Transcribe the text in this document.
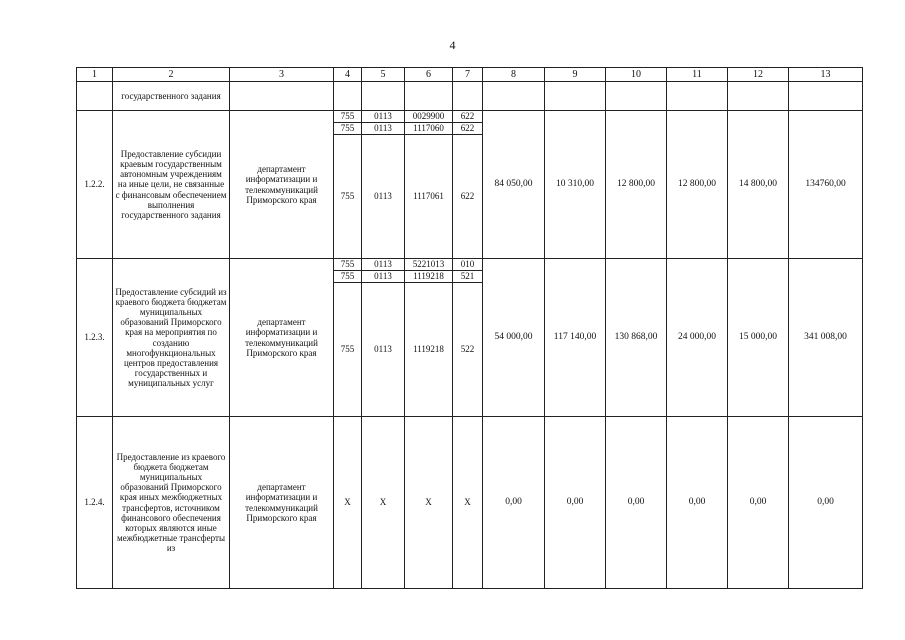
4
1	2	3	4	5	6	7	8	9	10	11	12	13
	государственного задания											
1.2.2.	Предоставление субсидии краевым государственным автономным учреждениям на иные цели, не связанные с финансовым обеспечением выполнения государственного задания	департамент информатизации и телекоммуникаций Приморского края	755	0113	0029900	622	84 050,00	10 310,00	12 800,00	12 800,00	14 800,00	134760,00
			755	0113	1117060	622						
			755	0113	1117061	622						
1.2.3.	Предоставление субсидий из краевого бюджета бюджетам муниципальных образований Приморского края на мероприятия по созданию многофункциональных центров предоставления государственных и муниципальных услуг	департамент информатизации и телекоммуникаций Приморского края	755	0113	5221013	010	54 000,00	117 140,00	130 868,00	24 000,00	15 000,00	341 008,00
			755	0113	1119218	521						
			755	0113	1119218	522						
1.2.4.	Предоставление из краевого бюджета бюджетам муниципальных образований Приморского края иных межбюджетных трансфертов, источником финансового обеспечения которых являются иные межбюджетные трансферты из	департамент информатизации и телекоммуникаций Приморского края	X	X	X	X	0,00	0,00	0,00	0,00	0,00	0,00
